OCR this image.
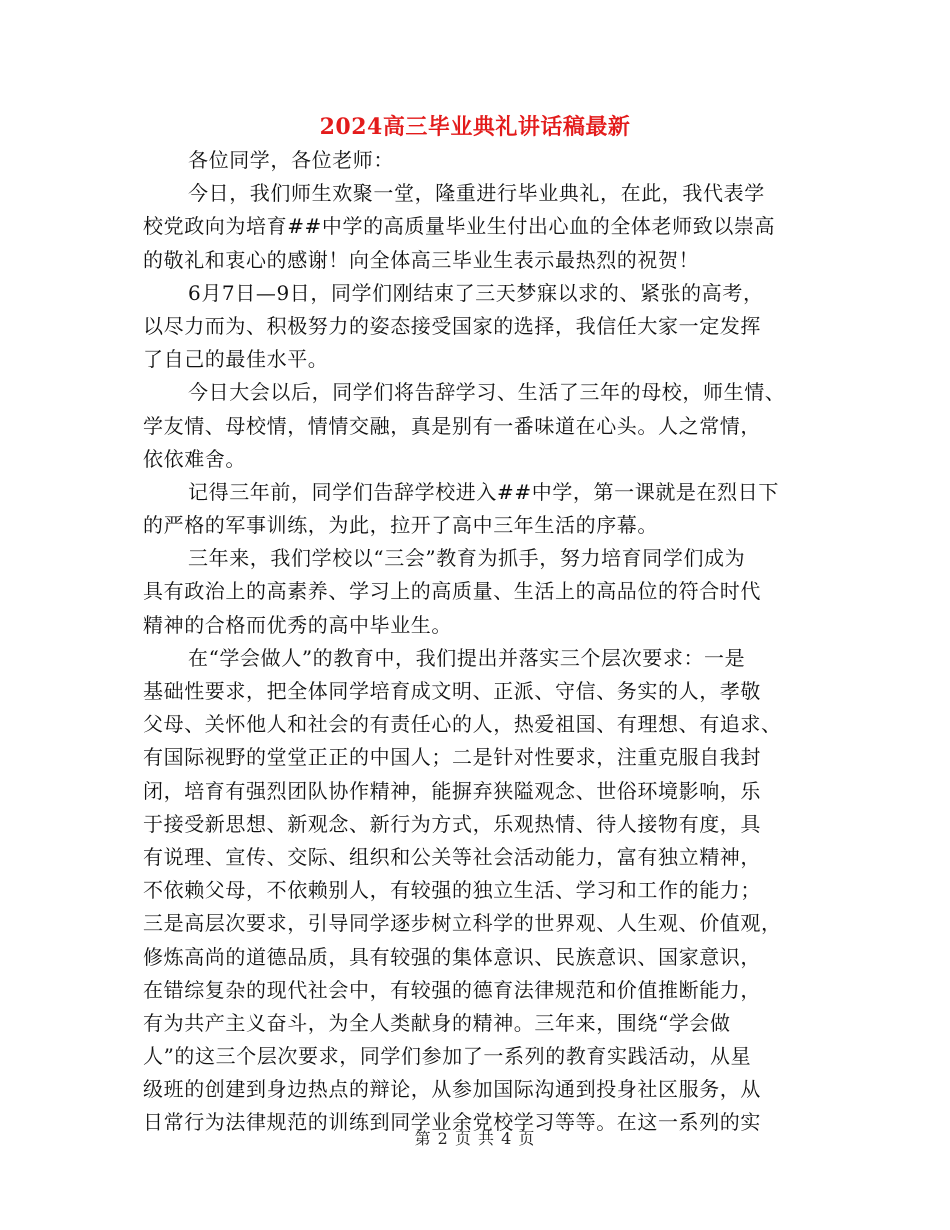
2024高三毕业典礼讲话稿最新
各位同学，各位老师：
今日，我们师生欢聚一堂，隆重进行毕业典礼，在此，我代表学
校党政向为培育##中学的高质量毕业生付出心血的全体老师致以崇高
的敬礼和衷心的感谢！向全体高三毕业生表示最热烈的祝贺！
6月7日—9日，同学们刚结束了三天梦寐以求的、紧张的高考，
以尽力而为、积极努力的姿态接受国家的选择，我信任大家一定发挥
了自己的最佳水平。
今日大会以后，同学们将告辞学习、生活了三年的母校，师生情、
学友情、母校情，情情交融，真是别有一番味道在心头。人之常情，
依依难舍。
记得三年前，同学们告辞学校进入##中学，第一课就是在烈日下
的严格的军事训练，为此，拉开了高中三年生活的序幕。
三年来，我们学校以“三会”教育为抓手，努力培育同学们成为
具有政治上的高素养、学习上的高质量、生活上的高品位的符合时代
精神的合格而优秀的高中毕业生。
在“学会做人”的教育中，我们提出并落实三个层次要求：一是
基础性要求，把全体同学培育成文明、正派、守信、务实的人，孝敬
父母、关怀他人和社会的有责任心的人，热爱祖国、有理想、有追求、
有国际视野的堂堂正正的中国人；二是针对性要求，注重克服自我封
闭，培育有强烈团队协作精神，能摒弃狭隘观念、世俗环境影响，乐
于接受新思想、新观念、新行为方式，乐观热情、待人接物有度，具
有说理、宣传、交际、组织和公关等社会活动能力，富有独立精神，
不依赖父母，不依赖别人，有较强的独立生活、学习和工作的能力；
三是高层次要求，引导同学逐步树立科学的世界观、人生观、价值观，
修炼高尚的道德品质，具有较强的集体意识、民族意识、国家意识，
在错综复杂的现代社会中，有较强的德育法律规范和价值推断能力，
有为共产主义奋斗，为全人类献身的精神。三年来，围绕“学会做
人”的这三个层次要求，同学们参加了一系列的教育实践活动，从星
级班的创建到身边热点的辩论，从参加国际沟通到投身社区服务，从
日常行为法律规范的训练到同学业余党校学习等等。在这一系列的实
第 2 页 共 4 页
